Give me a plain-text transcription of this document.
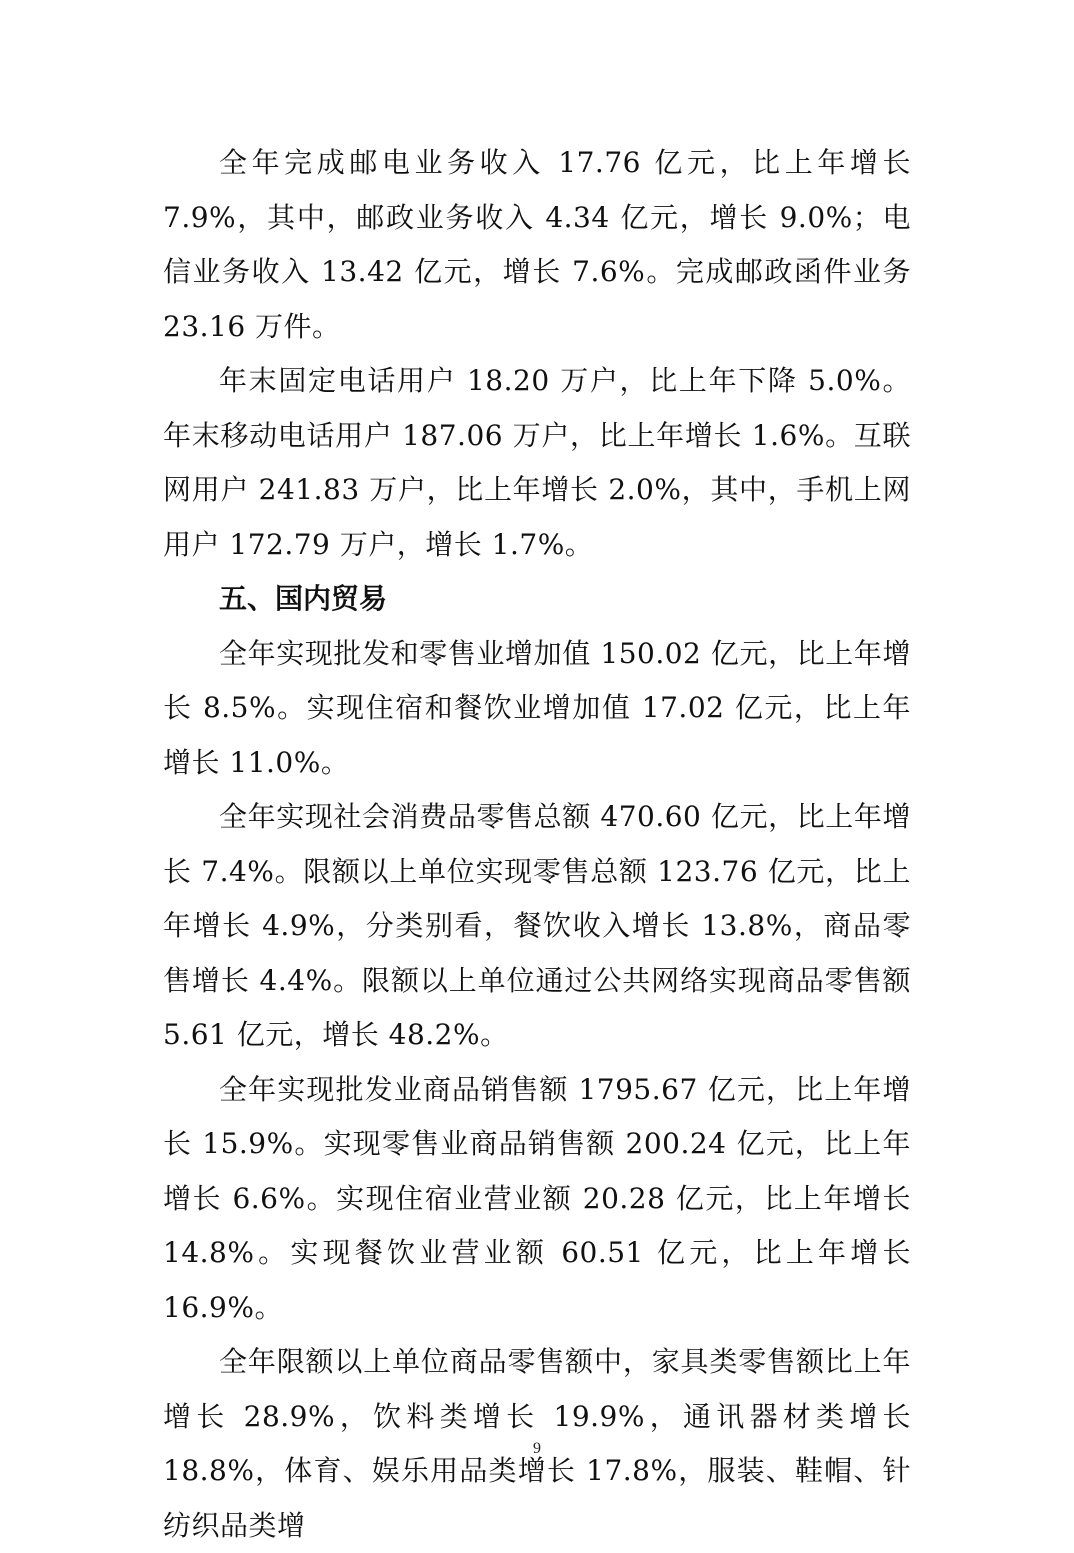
全年完成邮电业务收入 17.76 亿元，比上年增长 7.9%，其中，邮政业务收入 4.34 亿元，增长 9.0%；电信业务收入 13.42 亿元，增长 7.6%。完成邮政函件业务 23.16 万件。

年末固定电话用户 18.20 万户，比上年下降 5.0%。年末移动电话用户 187.06 万户，比上年增长 1.6%。互联网用户 241.83 万户，比上年增长 2.0%，其中，手机上网用户 172.79 万户，增长 1.7%。

五、国内贸易

全年实现批发和零售业增加值 150.02 亿元，比上年增长 8.5%。实现住宿和餐饮业增加值 17.02 亿元，比上年增长 11.0%。

全年实现社会消费品零售总额 470.60 亿元，比上年增长 7.4%。限额以上单位实现零售总额 123.76 亿元，比上年增长 4.9%，分类别看，餐饮收入增长 13.8%，商品零售增长 4.4%。限额以上单位通过公共网络实现商品零售额 5.61 亿元，增长 48.2%。

全年实现批发业商品销售额 1795.67 亿元，比上年增长 15.9%。实现零售业商品销售额 200.24 亿元，比上年增长 6.6%。实现住宿业营业额 20.28 亿元，比上年增长 14.8%。实现餐饮业营业额 60.51 亿元，比上年增长 16.9%。

全年限额以上单位商品零售额中，家具类零售额比上年增长 28.9%，饮料类增长 19.9%，通讯器材类增长 18.8%，体育、娱乐用品类增长 17.8%，服装、鞋帽、针纺织品类增

9
